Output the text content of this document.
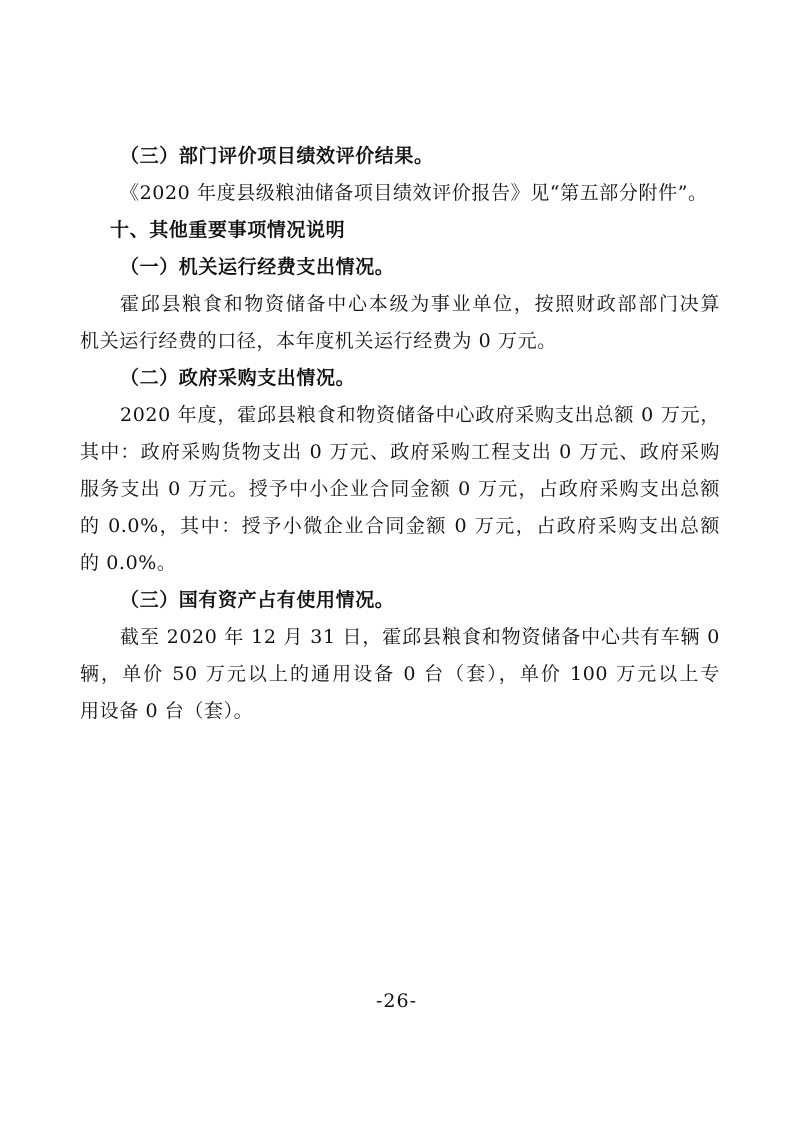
（三）部门评价项目绩效评价结果。
《2020 年度县级粮油储备项目绩效评价报告》见“第五部分附件”。
十、其他重要事项情况说明
（一）机关运行经费支出情况。
霍邱县粮食和物资储备中心本级为事业单位，按照财政部部门决算
机关运行经费的口径，本年度机关运行经费为 0 万元。
（二）政府采购支出情况。
2020 年度，霍邱县粮食和物资储备中心政府采购支出总额 0 万元，
其中：政府采购货物支出 0 万元、政府采购工程支出 0 万元、政府采购
服务支出 0 万元。授予中小企业合同金额 0 万元，占政府采购支出总额
的 0.0%，其中：授予小微企业合同金额 0 万元，占政府采购支出总额
的 0.0%。
（三）国有资产占有使用情况。
截至 2020 年 12 月 31 日，霍邱县粮食和物资储备中心共有车辆 0
辆，单价 50 万元以上的通用设备 0 台（套），单价 100 万元以上专
用设备 0 台（套）。
-26-
